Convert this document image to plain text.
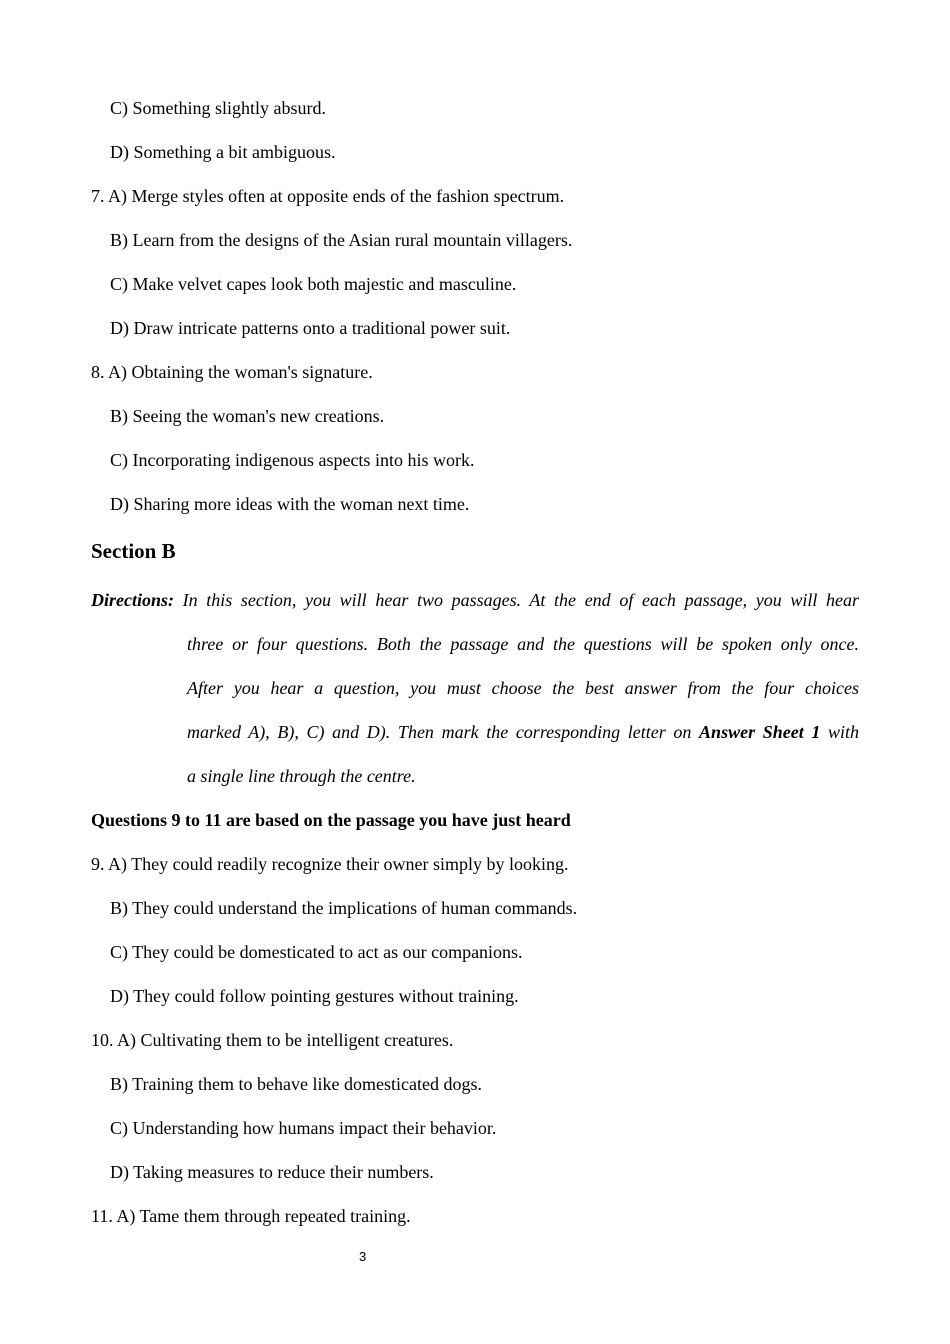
C) Something slightly absurd.
D) Something a bit ambiguous.
7. A) Merge styles often at opposite ends of the fashion spectrum.
B) Learn from the designs of the Asian rural mountain villagers.
C) Make velvet capes look both majestic and masculine.
D) Draw intricate patterns onto a traditional power suit.
8. A) Obtaining the woman's signature.
B) Seeing the woman's new creations.
C) Incorporating indigenous aspects into his work.
D) Sharing more ideas with the woman next time.
Section B
Directions: In this section, you will hear two passages. At the end of each passage, you will hear
three or four questions. Both the passage and the questions will be spoken only once.
After you hear a question, you must choose the best answer from the four choices
marked A), B), C) and D). Then mark the corresponding letter on Answer Sheet 1 with
a single line through the centre.
Questions 9 to 11 are based on the passage you have just heard
9. A) They could readily recognize their owner simply by looking.
B) They could understand the implications of human commands.
C) They could be domesticated to act as our companions.
D) They could follow pointing gestures without training.
10. A) Cultivating them to be intelligent creatures.
B) Training them to behave like domesticated dogs.
C) Understanding how humans impact their behavior.
D) Taking measures to reduce their numbers.
11. A) Tame them through repeated training.
3
